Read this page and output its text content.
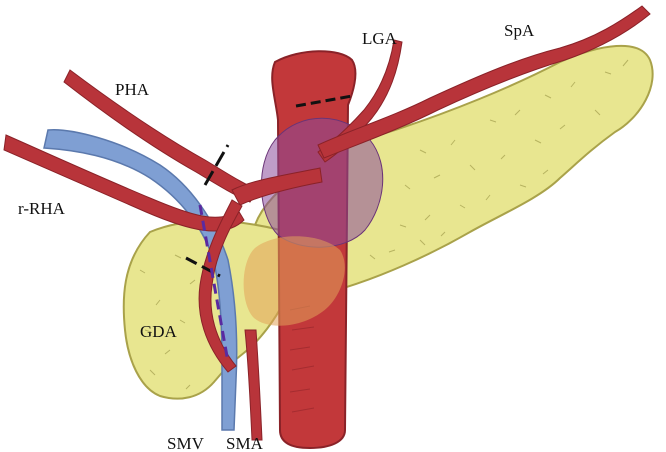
PHA
LGA	SpA
r-RHA
GDA
SMV SMA
